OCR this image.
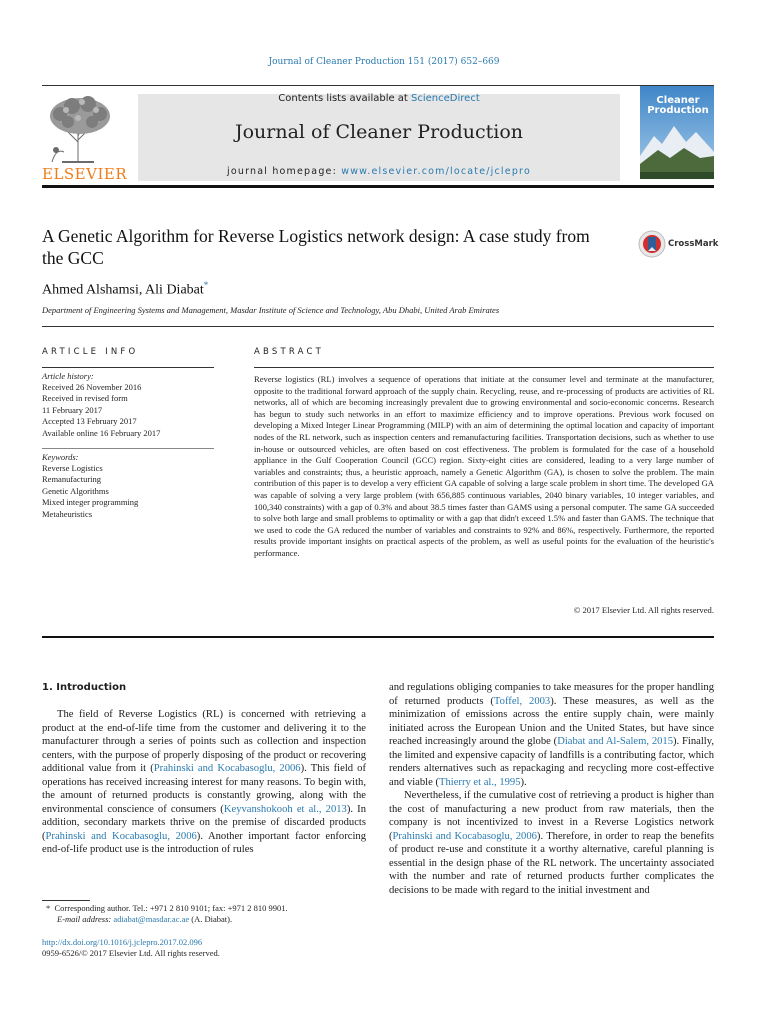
Journal of Cleaner Production 151 (2017) 652–669
ELSEVIER
Contents lists available at ScienceDirect
Journal of Cleaner Production
journal homepage: www.elsevier.com/locate/jclepro
Cleaner
Production
A Genetic Algorithm for Reverse Logistics network design: A case study from the GCC
CrossMark
Ahmed Alshamsi, Ali Diabat*
Department of Engineering Systems and Management, Masdar Institute of Science and Technology, Abu Dhabi, United Arab Emirates
ARTICLE INFO
Article history:
Received 26 November 2016
Received in revised form
11 February 2017
Accepted 13 February 2017
Available online 16 February 2017
Keywords:
Reverse Logistics
Remanufacturing
Genetic Algorithms
Mixed integer programming
Metaheuristics
ABSTRACT
Reverse logistics (RL) involves a sequence of operations that initiate at the consumer level and terminate at the manufacturer, opposite to the traditional forward approach of the supply chain. Recycling, reuse, and re-processing of products are activities of RL networks, all of which are becoming increasingly prevalent due to growing environmental and socio-economic concerns. Research has begun to study such networks in an effort to maximize efficiency and to improve operations. Previous work focused on developing a Mixed Integer Linear Programming (MILP) with an aim of determining the optimal location and capacity of important nodes of the RL network, such as inspection centers and remanufacturing facilities. Transportation decisions, such as whether to use in-house or outsourced vehicles, are often based on cost effectiveness. The problem is formulated for the case of a household appliance in the Gulf Cooperation Council (GCC) region. Sixty-eight cities are considered, leading to a very large number of variables and constraints; thus, a heuristic approach, namely a Genetic Algorithm (GA), is chosen to solve the problem. The main contribution of this paper is to develop a very efficient GA capable of solving a large scale problem in short time. The developed GA was capable of solving a very large problem (with 656,885 continuous variables, 2040 binary variables, 10 integer variables, and 100,340 constraints) with a gap of 0.3% and about 38.5 times faster than GAMS using a personal computer. The same GA succeeded to solve both large and small problems to optimality or with a gap that didn't exceed 1.5% and faster than GAMS. The technique that we used to code the GA reduced the number of variables and constraints to 92% and 86%, respectively. Furthermore, the reported results provide important insights on practical aspects of the problem, as well as useful points for the evaluation of the heuristic's performance.
© 2017 Elsevier Ltd. All rights reserved.
1. Introduction

The field of Reverse Logistics (RL) is concerned with retrieving a product at the end-of-life time from the customer and delivering it to the manufacturer through a series of points such as collection and inspection centers, with the purpose of properly disposing of the product or recovering additional value from it (Prahinski and Kocabasoglu, 2006). This field of operations has received increasing interest for many reasons. To begin with, the amount of returned products is constantly growing, along with the environmental conscience of consumers (Keyvanshokooh et al., 2013). In addition, secondary markets thrive on the premise of discarded products (Prahinski and Kocabasoglu, 2006). Another important factor enforcing end-of-life product use is the introduction of rules

and regulations obliging companies to take measures for the proper handling of returned products (Toffel, 2003). These measures, as well as the minimization of emissions across the entire supply chain, were mainly initiated across the European Union and the United States, but have since reached increasingly around the globe (Diabat and Al-Salem, 2015). Finally, the limited and expensive capacity of landfills is a contributing factor, which renders alternatives such as repackaging and recycling more cost-effective and viable (Thierry et al., 1995).

Nevertheless, if the cumulative cost of retrieving a product is higher than the cost of manufacturing a new product from raw materials, then the company is not incentivized to invest in a Reverse Logistics network (Prahinski and Kocabasoglu, 2006). Therefore, in order to reap the benefits of product re-use and constitute it a worthy alternative, careful planning is essential in the design phase of the RL network. The uncertainty associated with the number and rate of returned products further complicates the decisions to be made with regard to the initial investment and

* Corresponding author. Tel.: +971 2 810 9101; fax: +971 2 810 9901.
E-mail address: adiabat@masdar.ac.ae (A. Diabat).
http://dx.doi.org/10.1016/j.jclepro.2017.02.096
0959-6526/© 2017 Elsevier Ltd. All rights reserved.
